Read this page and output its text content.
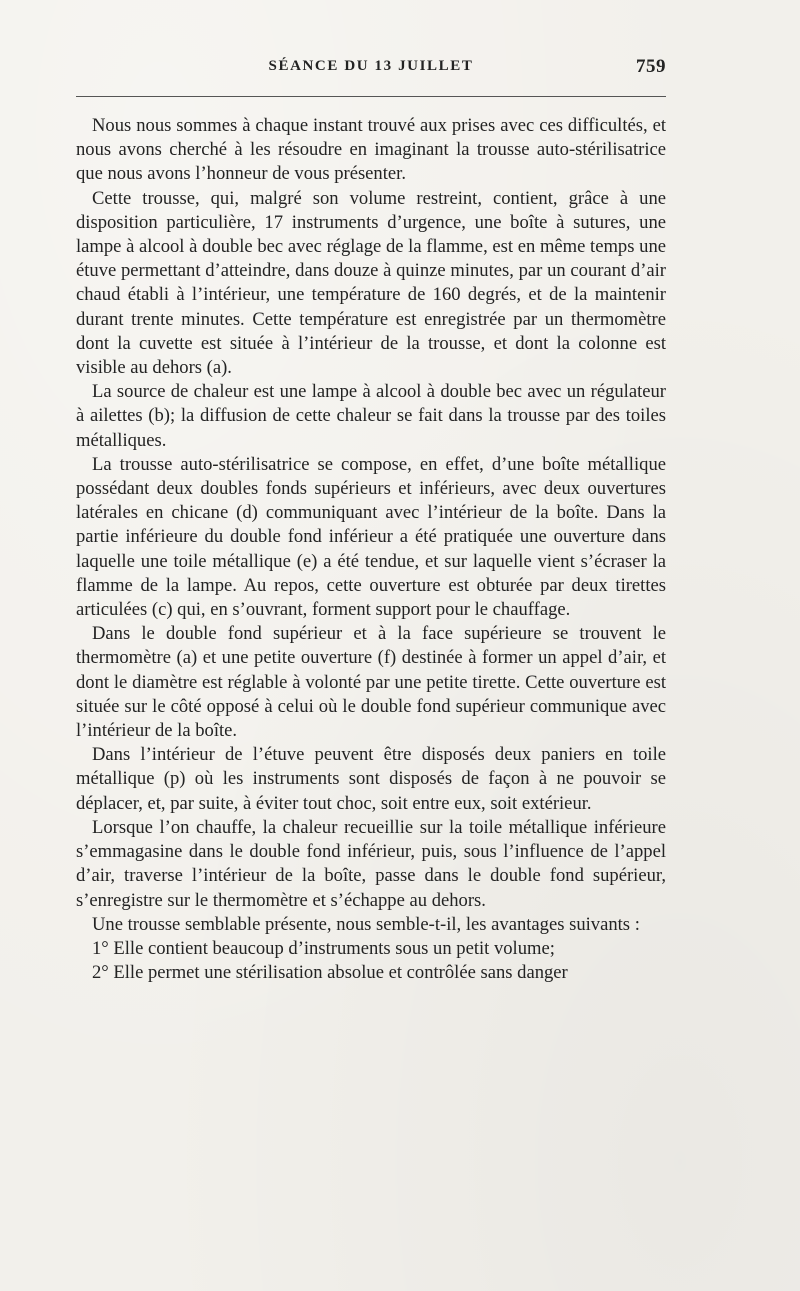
SÉANCE DU 13 JUILLET	759

Nous nous sommes à chaque instant trouvé aux prises avec ces difficultés, et nous avons cherché à les résoudre en imaginant la trousse auto-stérilisatrice que nous avons l’honneur de vous présenter.

Cette trousse, qui, malgré son volume restreint, contient, grâce à une disposition particulière, 17 instruments d’urgence, une boîte à sutures, une lampe à alcool à double bec avec réglage de la flamme, est en même temps une étuve permettant d’atteindre, dans douze à quinze minutes, par un courant d’air chaud établi à l’intérieur, une température de 160 degrés, et de la maintenir durant trente minutes. Cette température est enregistrée par un thermomètre dont la cuvette est située à l’intérieur de la trousse, et dont la colonne est visible au dehors (a).

La source de chaleur est une lampe à alcool à double bec avec un régulateur à ailettes (b); la diffusion de cette chaleur se fait dans la trousse par des toiles métalliques.

La trousse auto-stérilisatrice se compose, en effet, d’une boîte métallique possédant deux doubles fonds supérieurs et inférieurs, avec deux ouvertures latérales en chicane (d) communiquant avec l’intérieur de la boîte. Dans la partie inférieure du double fond inférieur a été pratiquée une ouverture dans laquelle une toile métallique (e) a été tendue, et sur laquelle vient s’écraser la flamme de la lampe. Au repos, cette ouverture est obturée par deux tirettes articulées (c) qui, en s’ouvrant, forment support pour le chauffage.

Dans le double fond supérieur et à la face supérieure se trouvent le thermomètre (a) et une petite ouverture (f) destinée à former un appel d’air, et dont le diamètre est réglable à volonté par une petite tirette. Cette ouverture est située sur le côté opposé à celui où le double fond supérieur communique avec l’intérieur de la boîte.

Dans l’intérieur de l’étuve peuvent être disposés deux paniers en toile métallique (p) où les instruments sont disposés de façon à ne pouvoir se déplacer, et, par suite, à éviter tout choc, soit entre eux, soit extérieur.

Lorsque l’on chauffe, la chaleur recueillie sur la toile métallique inférieure s’emmagasine dans le double fond inférieur, puis, sous l’influence de l’appel d’air, traverse l’intérieur de la boîte, passe dans le double fond supérieur, s’enregistre sur le thermomètre et s’échappe au dehors.

Une trousse semblable présente, nous semble-t-il, les avantages suivants :

1° Elle contient beaucoup d’instruments sous un petit volume;

2° Elle permet une stérilisation absolue et contrôlée sans danger
